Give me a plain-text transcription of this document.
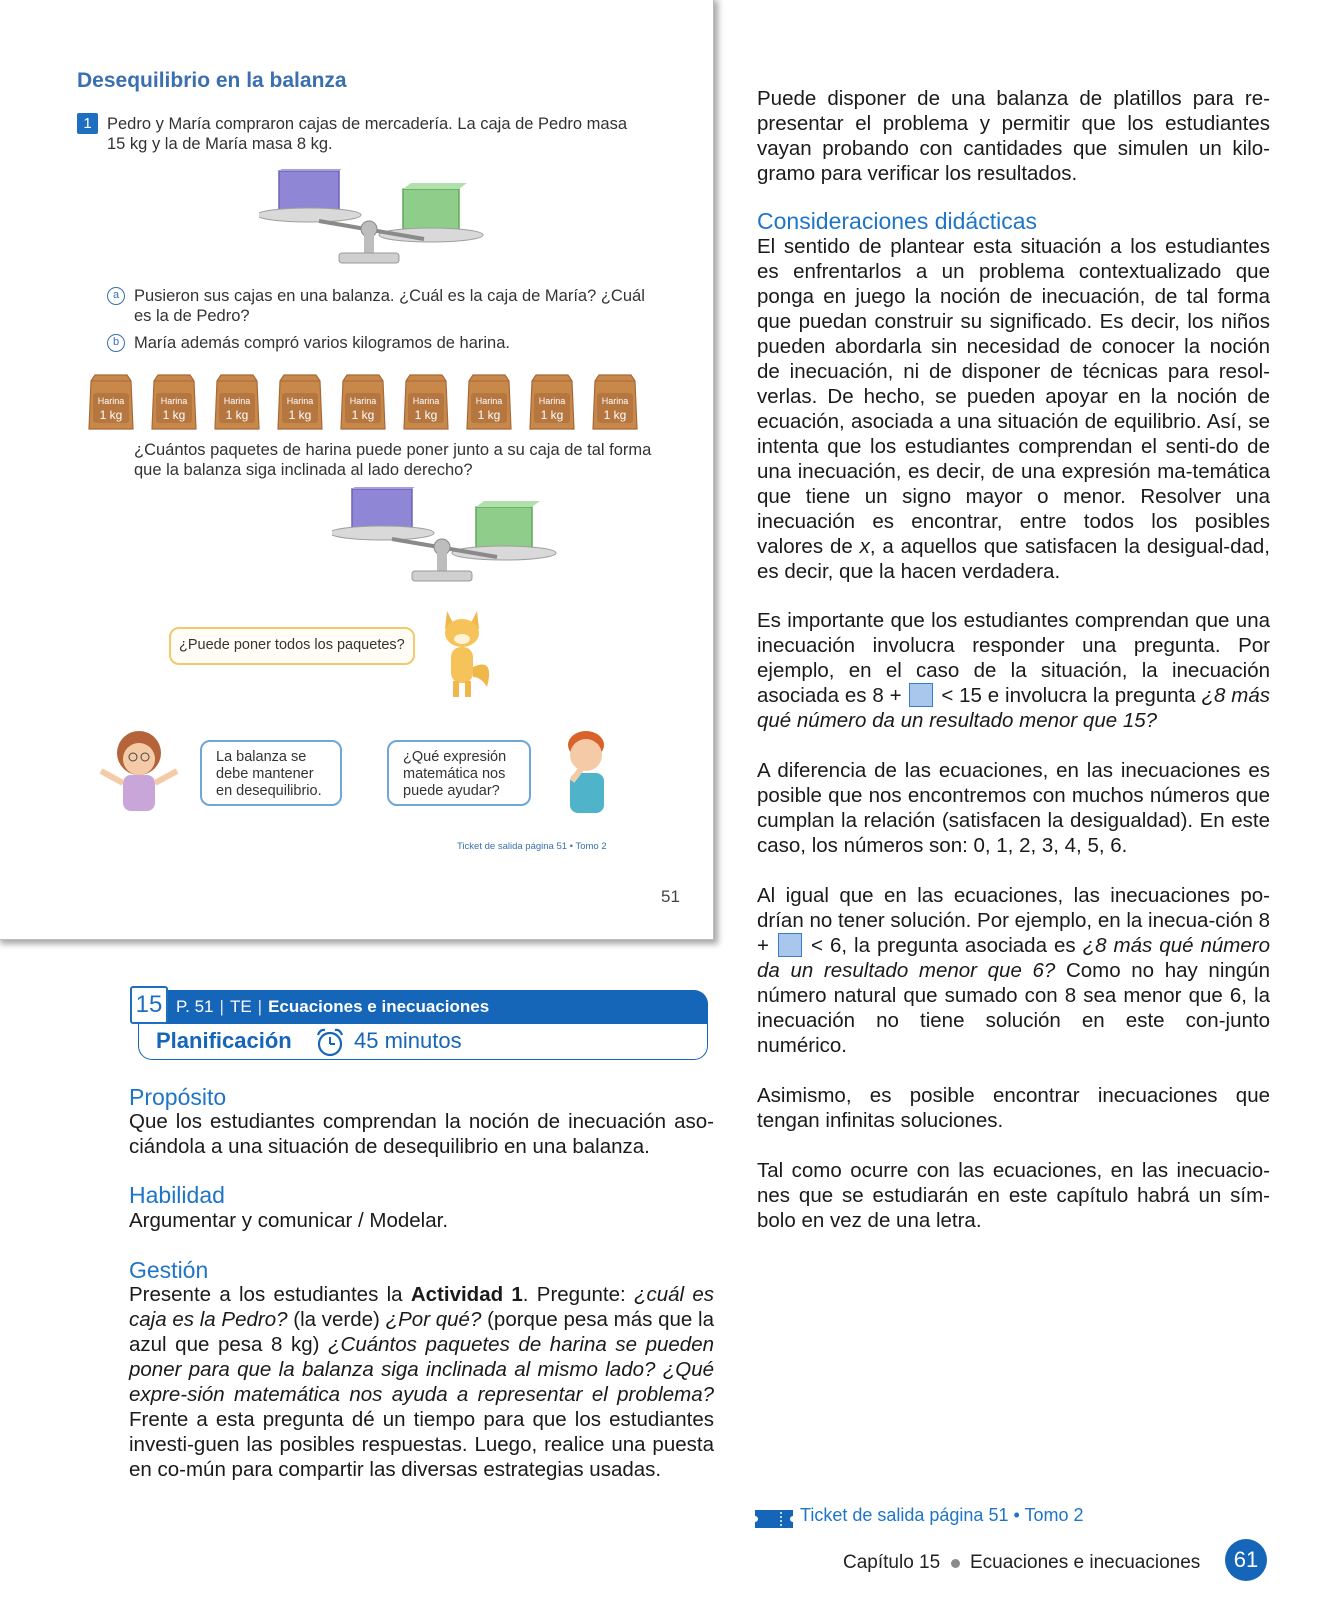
Desequilibrio en la balanza
1 Pedro y María compraron cajas de mercadería. La caja de Pedro masa 15 kg y la de María masa 8 kg.
a Pusieron sus cajas en una balanza. ¿Cuál es la caja de María? ¿Cuál es la de Pedro?
b María además compró varios kilogramos de harina.
Harina
1 kg
Harina
1 kg
Harina
1 kg
Harina
1 kg
Harina
1 kg
Harina
1 kg
Harina
1 kg
Harina
1 kg
Harina
1 kg
¿Cuántos paquetes de harina puede poner junto a su caja de tal forma que la balanza siga inclinada al lado derecho?
¿Puede poner todos los paquetes?
La balanza se debe mantener en desequilibrio.
¿Qué expresión matemática nos puede ayudar?
Ticket de salida página 51 • Tomo 2
51
15 P. 51 | TE | Ecuaciones e inecuaciones
Planificación	45 minutos
Propósito
Que los estudiantes comprendan la noción de inecuación aso-ciándola a una situación de desequilibrio en una balanza.
Habilidad
Argumentar y comunicar / Modelar.
Gestión
Presente a los estudiantes la Actividad 1. Pregunte: ¿cuál es caja es la Pedro? (la verde) ¿Por qué? (porque pesa más que la azul que pesa 8 kg) ¿Cuántos paquetes de harina se pueden poner para que la balanza siga inclinada al mismo lado? ¿Qué expre-sión matemática nos ayuda a representar el problema? Frente a esta pregunta dé un tiempo para que los estudiantes investi-guen las posibles respuestas. Luego, realice una puesta en co-mún para compartir las diversas estrategias usadas.
Puede disponer de una balanza de platillos para re-presentar el problema y permitir que los estudiantes vayan probando con cantidades que simulen un kilo-gramo para verificar los resultados.
Consideraciones didácticas
El sentido de plantear esta situación a los estudiantes es enfrentarlos a un problema contextualizado que ponga en juego la noción de inecuación, de tal forma que puedan construir su significado. Es decir, los niños pueden abordarla sin necesidad de conocer la noción de inecuación, ni de disponer de técnicas para resol-verlas. De hecho, se pueden apoyar en la noción de ecuación, asociada a una situación de equilibrio. Así, se intenta que los estudiantes comprendan el senti-do de una inecuación, es decir, de una expresión ma-temática que tiene un signo mayor o menor. Resolver una inecuación es encontrar, entre todos los posibles valores de x, a aquellos que satisfacen la desigual-dad, es decir, que la hacen verdadera.
Es importante que los estudiantes comprendan que una inecuación involucra responder una pregunta. Por ejemplo, en el caso de la situación, la inecuación asociada es 8 +  < 15 e involucra la pregunta ¿8 más qué número da un resultado menor que 15?
A diferencia de las ecuaciones, en las inecuaciones es posible que nos encontremos con muchos números que cumplan la relación (satisfacen la desigualdad). En este caso, los números son: 0, 1, 2, 3, 4, 5, 6.
Al igual que en las ecuaciones, las inecuaciones po-drían no tener solución. Por ejemplo, en la inecua-ción 8 +  < 6, la pregunta asociada es ¿8 más qué número da un resultado menor que 6? Como no hay ningún número natural que sumado con 8 sea menor que 6, la inecuación no tiene solución en este con-junto numérico.
Asimismo, es posible encontrar inecuaciones que tengan infinitas soluciones.
Tal como ocurre con las ecuaciones, en las inecuacio-nes que se estudiarán en este capítulo habrá un sím-bolo en vez de una letra.
Ticket de salida página 51 • Tomo 2
Capítulo 15 Ecuaciones e inecuaciones	61
